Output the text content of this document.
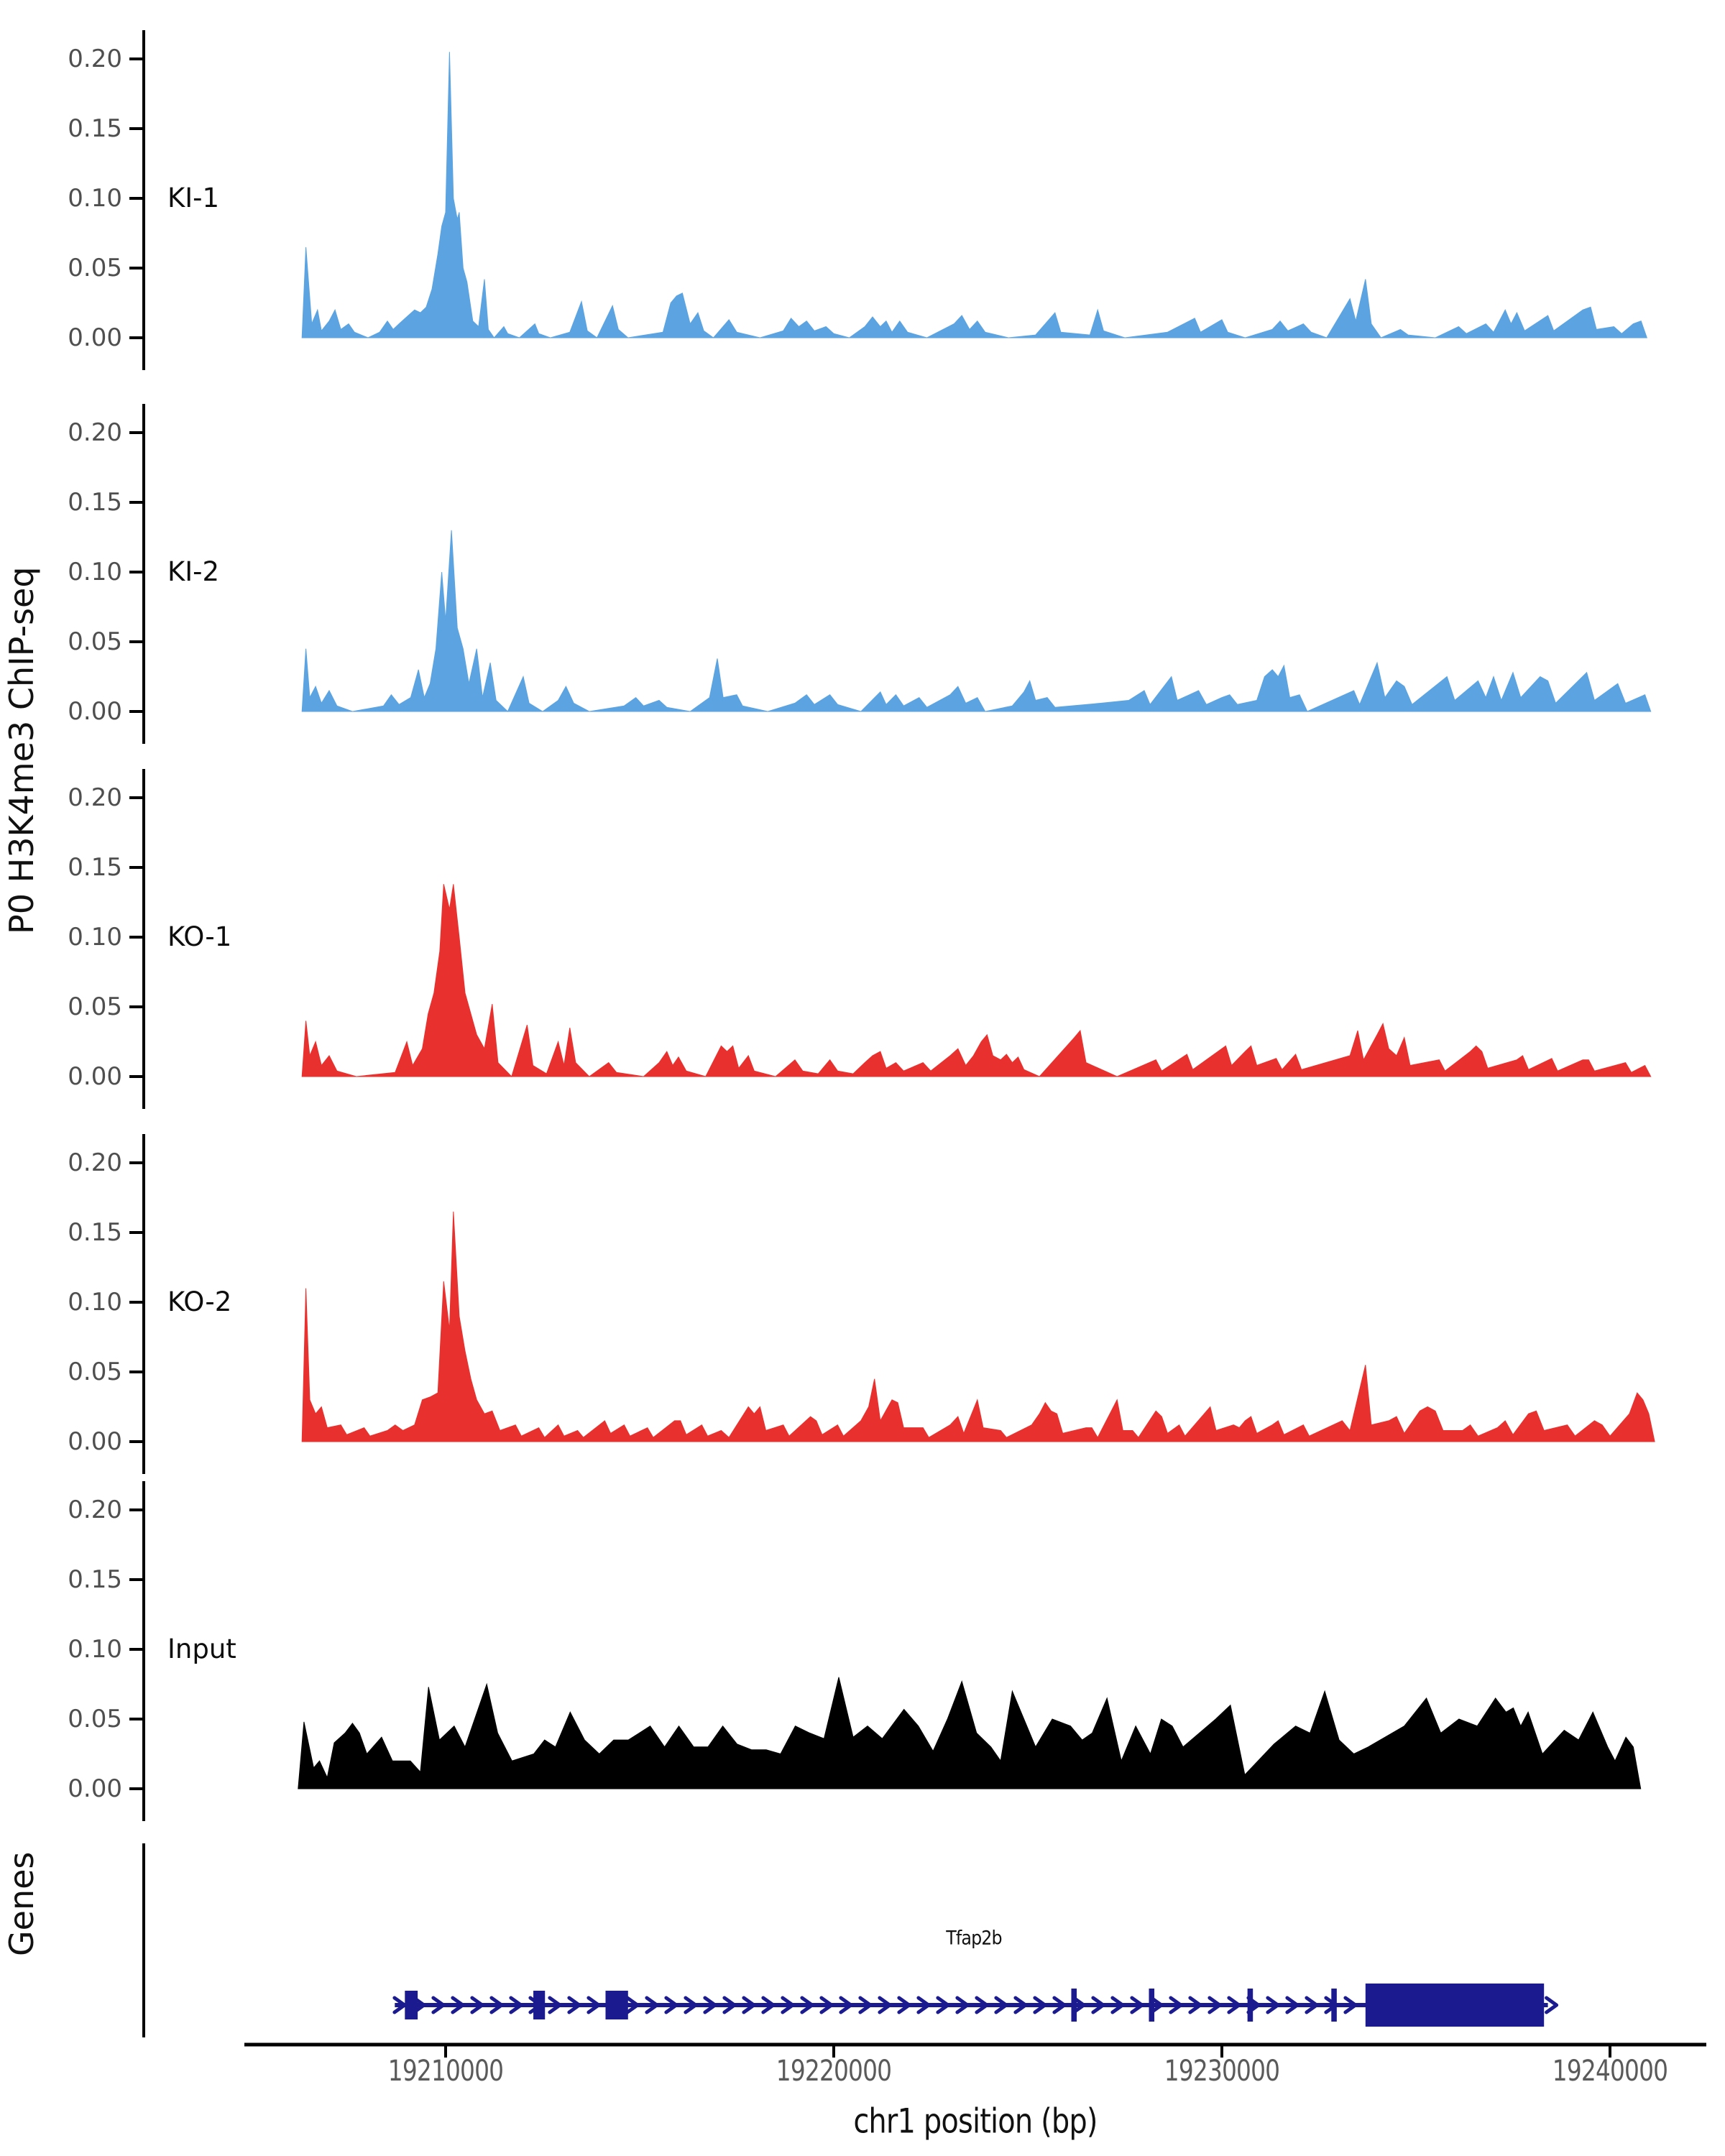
P0 H3K4me3 ChIP-seq
Genes	Tfap2b
chr1 position (bp)
0.00
0.05
0.10
0.15
0.20
KI-1
0.00
0.05
0.10
0.15
0.20
KI-2
0.00
0.05
0.10
0.15
0.20
KO-1
0.00
0.05
0.10
0.15
0.20
KO-2
0.00
0.05
0.10
0.15
0.20
Input
19210000	19220000	19230000	19240000
